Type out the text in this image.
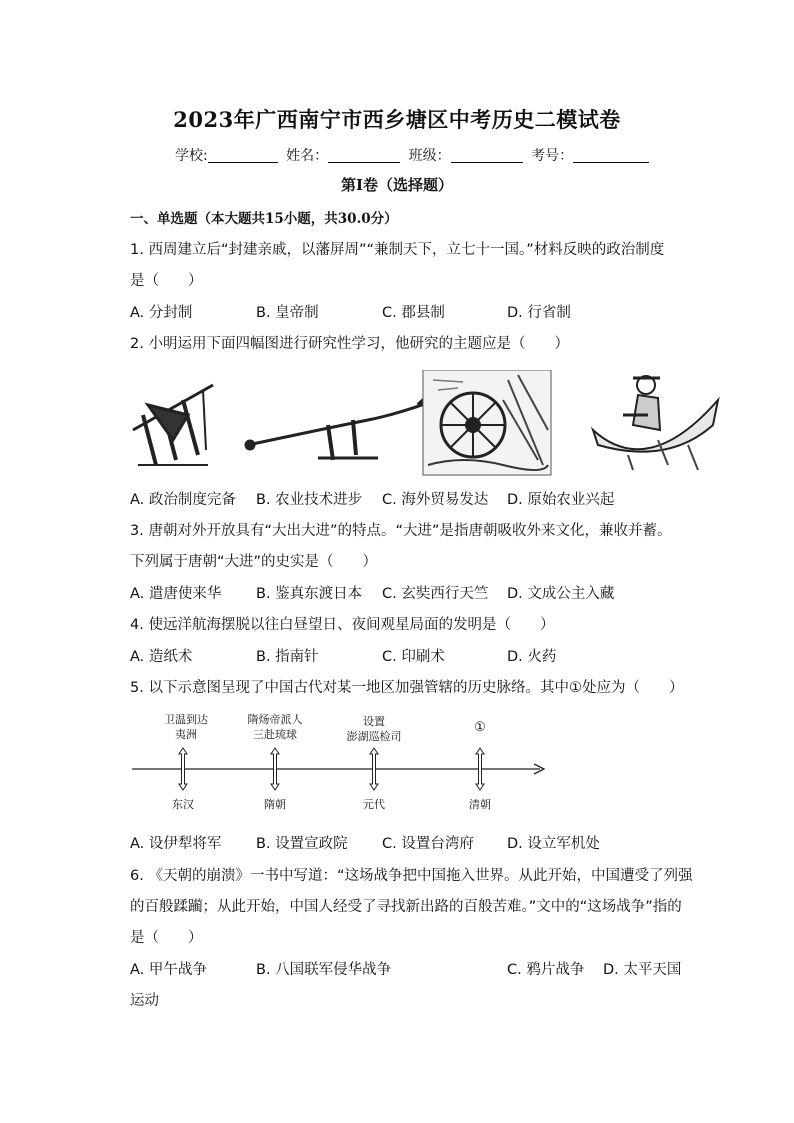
2023年广西南宁市西乡塘区中考历史二模试卷
学校:	姓名：	班级：	考号：
第I卷（选择题）
一、单选题（本大题共15小题，共30.0分）
1. 西周建立后“封建亲戚，以藩屏周”“兼制天下，立七十一国。”材料反映的政治制度
是（　　）
A. 分封制	B. 皇帝制	C. 郡县制	D. 行省制
2. 小明运用下面四幅图进行研究性学习，他研究的主题应是（　　）
A. 政治制度完备 B. 农业技术进步 C. 海外贸易发达 D. 原始农业兴起
3. 唐朝对外开放具有“大出大进”的特点。“大进”是指唐朝吸收外来文化，兼收并蓄。
下列属于唐朝“大进”的史实是（　　）
A. 遣唐使来华 B. 鉴真东渡日本 C. 玄奘西行天竺 D. 文成公主入藏
4. 使远洋航海摆脱以往白昼望日、夜间观星局面的发明是（　　）
A. 造纸术	B. 指南针	C. 印刷术	D. 火药
5. 以下示意图呈现了中国古代对某一地区加强管辖的历史脉络。其中①处应为（　　）
卫温到达
夷洲
隋炀帝派人
三赴琉球
设置
澎湖巡检司
①
东汉	隋朝	元代	清朝
A. 设伊犁将军 B. 设置宣政院 C. 设置台湾府 D. 设立军机处
6. 《天朝的崩溃》一书中写道：“这场战争把中国拖入世界。从此开始，中国遭受了列强
的百般蹂躏；从此开始，中国人经受了寻找新出路的百般苦难。”文中的“这场战争”指的
是（　　）
A. 甲午战争	B. 八国联军侵华战争	C. 鸦片战争 D. 太平天国
运动
